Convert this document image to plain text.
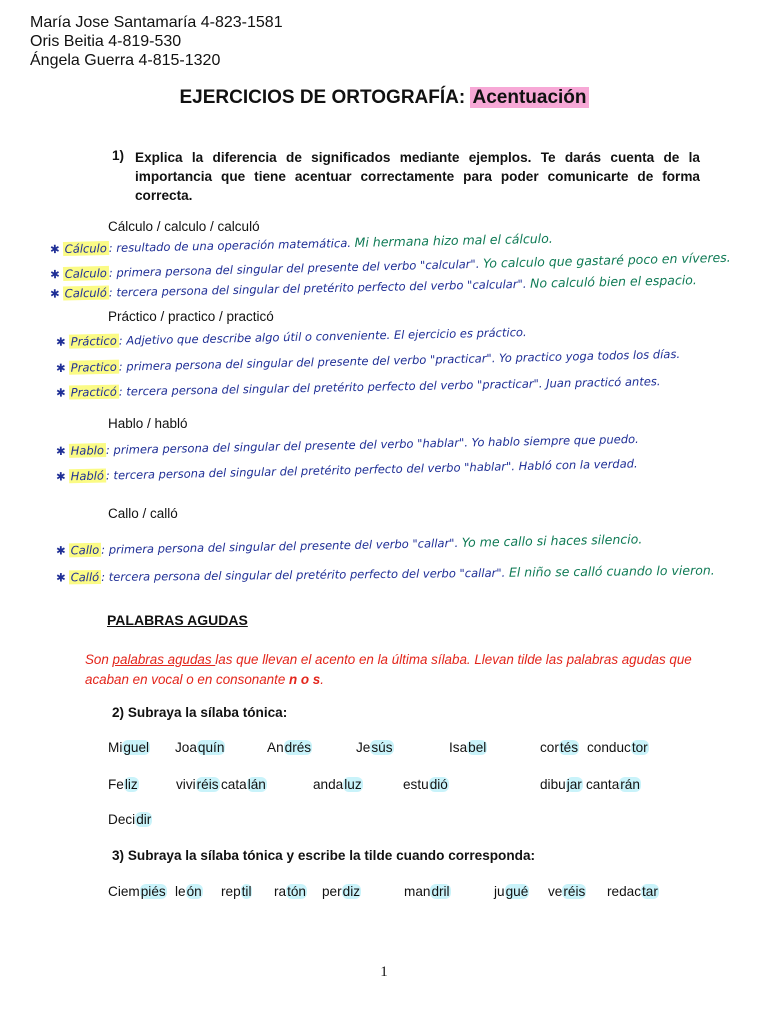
María Jose Santamaría 4-823-1581
Oris Beitia 4-819-530
Ángela Guerra 4-815-1320
EJERCICIOS DE ORTOGRAFÍA: Acentuación
1) Explica la diferencia de significados mediante ejemplos. Te darás cuenta de la importancia que tiene acentuar correctamente para poder comunicarte de forma correcta.
Cálculo / calculo / calculó
✱ Cálculo : resultado de una operación matemática. Mi hermana hizo mal el cálculo.
✱ Calculo : primera persona del singular del presente del verbo "calcular". Yo calculo que gastaré poco en víveres.
✱ Calculó : tercera persona del singular del pretérito perfecto del verbo "calcular". No calculó bien el espacio.
Práctico / practico / practicó
✱ Práctico : Adjetivo que describe algo útil o conveniente. El ejercicio es práctico.
✱ Practico : primera persona del singular del presente del verbo "practicar". Yo practico yoga todos los días.
✱ Practicó : tercera persona del singular del pretérito perfecto del verbo "practicar". Juan practicó antes.
Hablo / habló
✱ Hablo : primera persona del singular del presente del verbo "hablar". Yo hablo siempre que puedo.
✱ Habló : tercera persona del singular del pretérito perfecto del verbo "hablar". Habló con la verdad.
Callo / calló
✱ Callo : primera persona del singular del presente del verbo "callar". Yo me callo si haces silencio.
✱ Calló : tercera persona del singular del pretérito perfecto del verbo "callar". El niño se calló cuando lo vieron.
PALABRAS AGUDAS
Son palabras agudas las que llevan el acento en la última sílaba. Llevan tilde las palabras agudas que acaban en vocal o en consonante n o s.
2) Subraya la sílaba tónica:
Miguel Joaquín	Andrés	Jesús	Isabel	cortés conductor
Feliz	viviréis catalán	andaluz	estudió	dibujar cantarán
Decidir
3) Subraya la sílaba tónica y escribe la tilde cuando corresponda:
Ciempiés león reptil ratón perdiz	mandril	jugué veréis redactar
1
